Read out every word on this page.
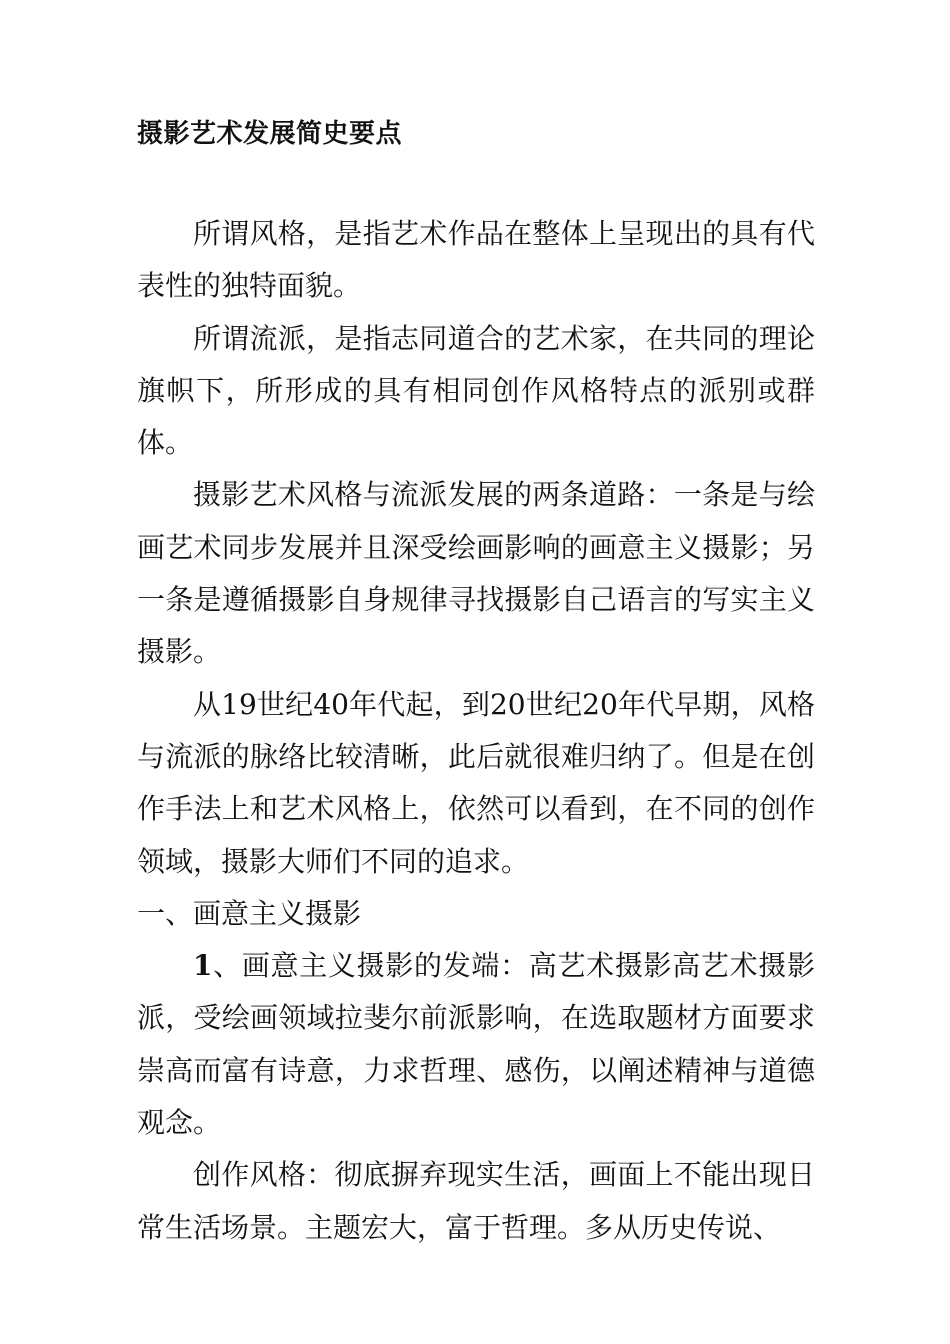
摄影艺术发展简史要点

所谓风格，是指艺术作品在整体上呈现出的具有代表性的独特面貌。

所谓流派，是指志同道合的艺术家，在共同的理论旗帜下，所形成的具有相同创作风格特点的派别或群体。

摄影艺术风格与流派发展的两条道路：一条是与绘画艺术同步发展并且深受绘画影响的画意主义摄影；另一条是遵循摄影自身规律寻找摄影自己语言的写实主义摄影。

从19世纪40年代起，到20世纪20年代早期，风格与流派的脉络比较清晰，此后就很难归纳了。但是在创作手法上和艺术风格上，依然可以看到，在不同的创作领域，摄影大师们不同的追求。

一、画意主义摄影

1、画意主义摄影的发端：高艺术摄影高艺术摄影派，受绘画领域拉斐尔前派影响，在选取题材方面要求崇高而富有诗意，力求哲理、感伤，以阐述精神与道德观念。

创作风格：彻底摒弃现实生活，画面上不能出现日常生活场景。主题宏大，富于哲理。多从历史传说、
